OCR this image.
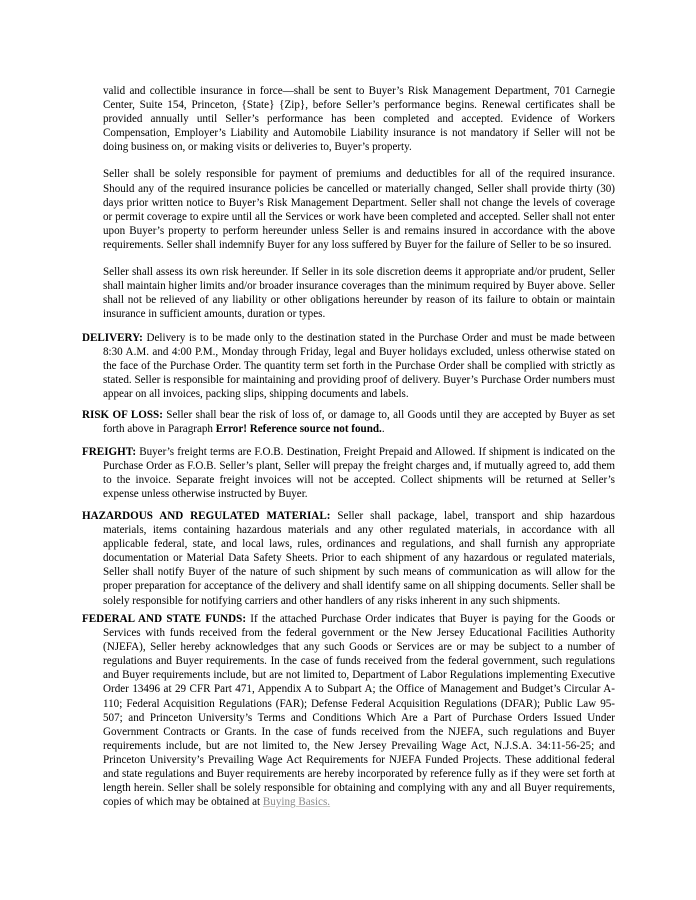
valid and collectible insurance in force—shall be sent to Buyer’s Risk Management Department, 701 Carnegie Center, Suite 154, Princeton, {State} {Zip}, before Seller’s performance begins. Renewal certificates shall be provided annually until Seller’s performance has been completed and accepted. Evidence of Workers Compensation, Employer’s Liability and Automobile Liability insurance is not mandatory if Seller will not be doing business on, or making visits or deliveries to, Buyer’s property.

Seller shall be solely responsible for payment of premiums and deductibles for all of the required insurance. Should any of the required insurance policies be cancelled or materially changed, Seller shall provide thirty (30) days prior written notice to Buyer’s Risk Management Department. Seller shall not change the levels of coverage or permit coverage to expire until all the Services or work have been completed and accepted. Seller shall not enter upon Buyer’s property to perform hereunder unless Seller is and remains insured in accordance with the above requirements. Seller shall indemnify Buyer for any loss suffered by Buyer for the failure of Seller to be so insured.

Seller shall assess its own risk hereunder. If Seller in its sole discretion deems it appropriate and/or prudent, Seller shall maintain higher limits and/or broader insurance coverages than the minimum required by Buyer above. Seller shall not be relieved of any liability or other obligations hereunder by reason of its failure to obtain or maintain insurance in sufficient amounts, duration or types.

DELIVERY: Delivery is to be made only to the destination stated in the Purchase Order and must be made between 8:30 A.M. and 4:00 P.M., Monday through Friday, legal and Buyer holidays excluded, unless otherwise stated on the face of the Purchase Order. The quantity term set forth in the Purchase Order shall be complied with strictly as stated. Seller is responsible for maintaining and providing proof of delivery. Buyer’s Purchase Order numbers must appear on all invoices, packing slips, shipping documents and labels.

RISK OF LOSS: Seller shall bear the risk of loss of, or damage to, all Goods until they are accepted by Buyer as set forth above in Paragraph Error! Reference source not found..

FREIGHT: Buyer’s freight terms are F.O.B. Destination, Freight Prepaid and Allowed. If shipment is indicated on the Purchase Order as F.O.B. Seller’s plant, Seller will prepay the freight charges and, if mutually agreed to, add them to the invoice. Separate freight invoices will not be accepted. Collect shipments will be returned at Seller’s expense unless otherwise instructed by Buyer.

HAZARDOUS AND REGULATED MATERIAL: Seller shall package, label, transport and ship hazardous materials, items containing hazardous materials and any other regulated materials, in accordance with all applicable federal, state, and local laws, rules, ordinances and regulations, and shall furnish any appropriate documentation or Material Data Safety Sheets. Prior to each shipment of any hazardous or regulated materials, Seller shall notify Buyer of the nature of such shipment by such means of communication as will allow for the proper preparation for acceptance of the delivery and shall identify same on all shipping documents. Seller shall be solely responsible for notifying carriers and other handlers of any risks inherent in any such shipments.

FEDERAL AND STATE FUNDS: If the attached Purchase Order indicates that Buyer is paying for the Goods or Services with funds received from the federal government or the New Jersey Educational Facilities Authority (NJEFA), Seller hereby acknowledges that any such Goods or Services are or may be subject to a number of regulations and Buyer requirements. In the case of funds received from the federal government, such regulations and Buyer requirements include, but are not limited to, Department of Labor Regulations implementing Executive Order 13496 at 29 CFR Part 471, Appendix A to Subpart A; the Office of Management and Budget’s Circular A-110; Federal Acquisition Regulations (FAR); Defense Federal Acquisition Regulations (DFAR); Public Law 95-507; and Princeton University’s Terms and Conditions Which Are a Part of Purchase Orders Issued Under Government Contracts or Grants. In the case of funds received from the NJEFA, such regulations and Buyer requirements include, but are not limited to, the New Jersey Prevailing Wage Act, N.J.S.A. 34:11-56-25; and Princeton University’s Prevailing Wage Act Requirements for NJEFA Funded Projects. These additional federal and state regulations and Buyer requirements are hereby incorporated by reference fully as if they were set forth at length herein. Seller shall be solely responsible for obtaining and complying with any and all Buyer requirements, copies of which may be obtained at Buying Basics.
